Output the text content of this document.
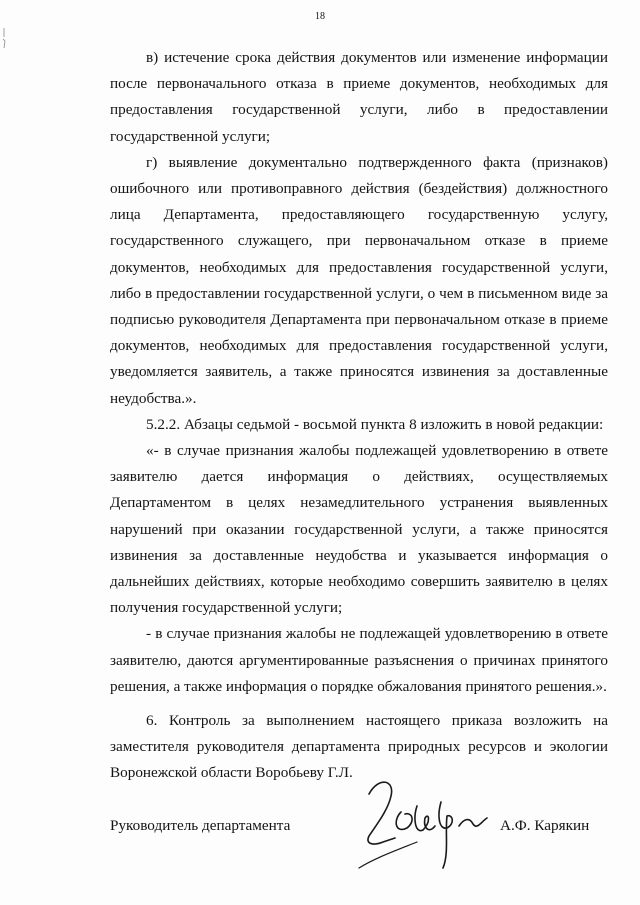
18

в) истечение срока действия документов или изменение информации после первоначального отказа в приеме документов, необходимых для предоставления государственной услуги, либо в предоставлении государственной услуги;

г) выявление документально подтвержденного факта (признаков) ошибочного или противоправного действия (бездействия) должностного лица Департамента, предоставляющего государственную услугу, государственного служащего, при первоначальном отказе в приеме документов, необходимых для предоставления государственной услуги, либо в предоставлении государственной услуги, о чем в письменном виде за подписью руководителя Департамента при первоначальном отказе в приеме документов, необходимых для предоставления государственной услуги, уведомляется заявитель, а также приносятся извинения за доставленные неудобства.».

5.2.2. Абзацы седьмой - восьмой пункта 8 изложить в новой редакции:

«- в случае признания жалобы подлежащей удовлетворению в ответе заявителю дается информация о действиях, осуществляемых Департаментом в целях незамедлительного устранения выявленных нарушений при оказании государственной услуги, а также приносятся извинения за доставленные неудобства и указывается информация о дальнейших действиях, которые необходимо совершить заявителю в целях получения государственной услуги;

- в случае признания жалобы не подлежащей удовлетворению в ответе заявителю, даются аргументированные разъяснения о причинах принятого решения, а также информация о порядке обжалования принятого решения.».

6. Контроль за выполнением настоящего приказа возложить на заместителя руководителя департамента природных ресурсов и экологии Воронежской области Воробьеву Г.Л.

Руководитель департамента	А.Ф. Карякин
